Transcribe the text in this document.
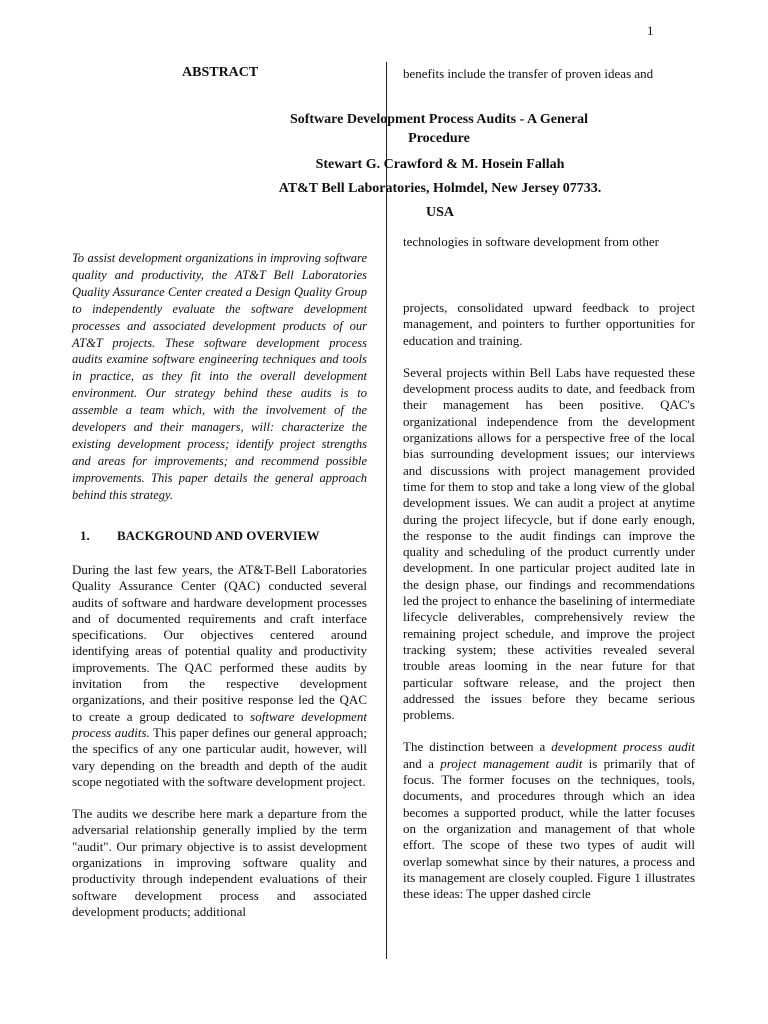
1
ABSTRACT	benefits include the transfer of proven ideas and
Software Development Process Audits - A General
Procedure
Stewart G. Crawford & M. Hosein Fallah
AT&T Bell Laboratories, Holmdel, New Jersey 07733.
USA
technologies in software development from other
To assist development organizations in improving software quality and productivity, the AT&T Bell Laboratories Quality Assurance Center created a Design Quality Group to independently evaluate the software development processes and associated development products of our AT&T projects. These software development process audits examine software engineering techniques and tools in practice, as they fit into the overall development environment. Our strategy behind these audits is to assemble a team which, with the involvement of the developers and their managers, will: characterize the existing development process; identify project strengths and areas for improvements; and recommend possible improvements. This paper details the general approach behind this strategy.
1. BACKGROUND AND OVERVIEW

During the last few years, the AT&T-Bell Laboratories Quality Assurance Center (QAC) conducted several audits of software and hardware development processes and of documented requirements and craft interface specifications. Our objectives centered around identifying areas of potential quality and productivity improvements. The QAC performed these audits by invitation from the respective development organizations, and their positive response led the QAC to create a group dedicated to software development process audits. This paper defines our general approach; the specifics of any one particular audit, however, will vary depending on the breadth and depth of the audit scope negotiated with the software development project.

The audits we describe here mark a departure from the adversarial relationship generally implied by the term "audit". Our primary objective is to assist development organizations in improving software quality and productivity through independent evaluations of their software development process and associated development products; additional

projects, consolidated upward feedback to project management, and pointers to further opportunities for education and training.

Several projects within Bell Labs have requested these development process audits to date, and feedback from their management has been positive. QAC's organizational independence from the development organizations allows for a perspective free of the local bias surrounding development issues; our interviews and discussions with project management provided time for them to stop and take a long view of the global development issues. We can audit a project at anytime during the project lifecycle, but if done early enough, the response to the audit findings can improve the quality and scheduling of the product currently under development. In one particular project audited late in the design phase, our findings and recommendations led the project to enhance the baselining of intermediate lifecycle deliverables, comprehensively review the remaining project schedule, and improve the project tracking system; these activities revealed several trouble areas looming in the near future for that particular software release, and the project then addressed the issues before they became serious problems.

The distinction between a development process audit and a project management audit is primarily that of focus. The former focuses on the techniques, tools, documents, and procedures through which an idea becomes a supported product, while the latter focuses on the organization and management of that whole effort. The scope of these two types of audit will overlap somewhat since by their natures, a process and its management are closely coupled. Figure 1 illustrates these ideas: The upper dashed circle
